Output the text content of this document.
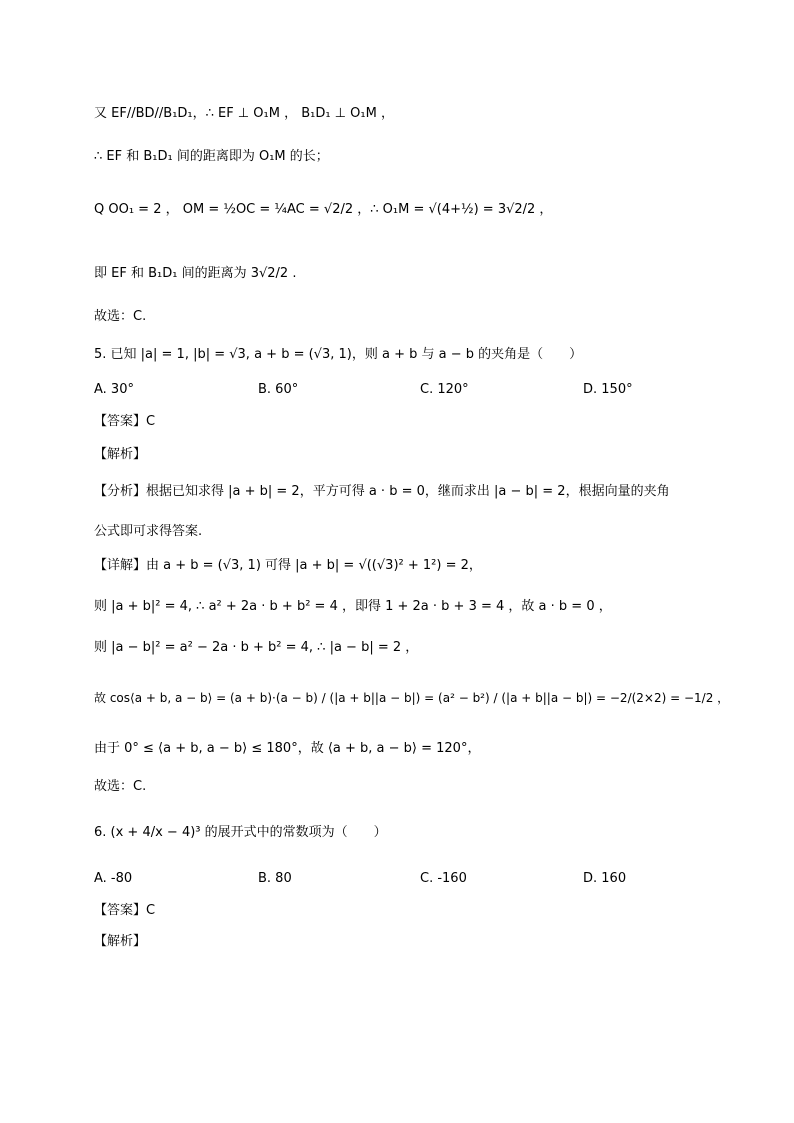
又 EF//BD//B₁D₁，∴ EF ⊥ O₁M ， B₁D₁ ⊥ O₁M ，
∴ EF 和 B₁D₁ 间的距离即为 O₁M 的长；
Q OO₁ = 2 ， OM = ½OC = ¼AC = √2/2 ，∴ O₁M = √(4+½) = 3√2/2 ，
即 EF 和 B₁D₁ 间的距离为 3√2/2 .
故选：C.
5. 已知 |a| = 1, |b| = √3, a + b = (√3, 1)，则 a + b 与 a − b 的夹角是（　　）
A. 30°	B. 60°	C. 120°	D. 150°
【答案】C
【解析】
【分析】根据已知求得 |a + b| = 2，平方可得 a · b = 0，继而求出 |a − b| = 2，根据向量的夹角
公式即可求得答案.
【详解】由 a + b = (√3, 1) 可得 |a + b| = √((√3)² + 1²) = 2，
则 |a + b|² = 4, ∴ a² + 2a · b + b² = 4 ，即得 1 + 2a · b + 3 = 4 ，故 a · b = 0 ，
则 |a − b|² = a² − 2a · b + b² = 4, ∴ |a − b| = 2 ，
故 cos⟨a + b, a − b⟩ = (a + b)·(a − b) / (|a + b||a − b|) = (a² − b²) / (|a + b||a − b|) = −2/(2×2) = −1/2 ，
由于 0° ≤ ⟨a + b, a − b⟩ ≤ 180°，故 ⟨a + b, a − b⟩ = 120°，
故选：C.
6. (x + 4/x − 4)³ 的展开式中的常数项为（　　）
A. -80	B. 80	C. -160	D. 160
【答案】C
【解析】
